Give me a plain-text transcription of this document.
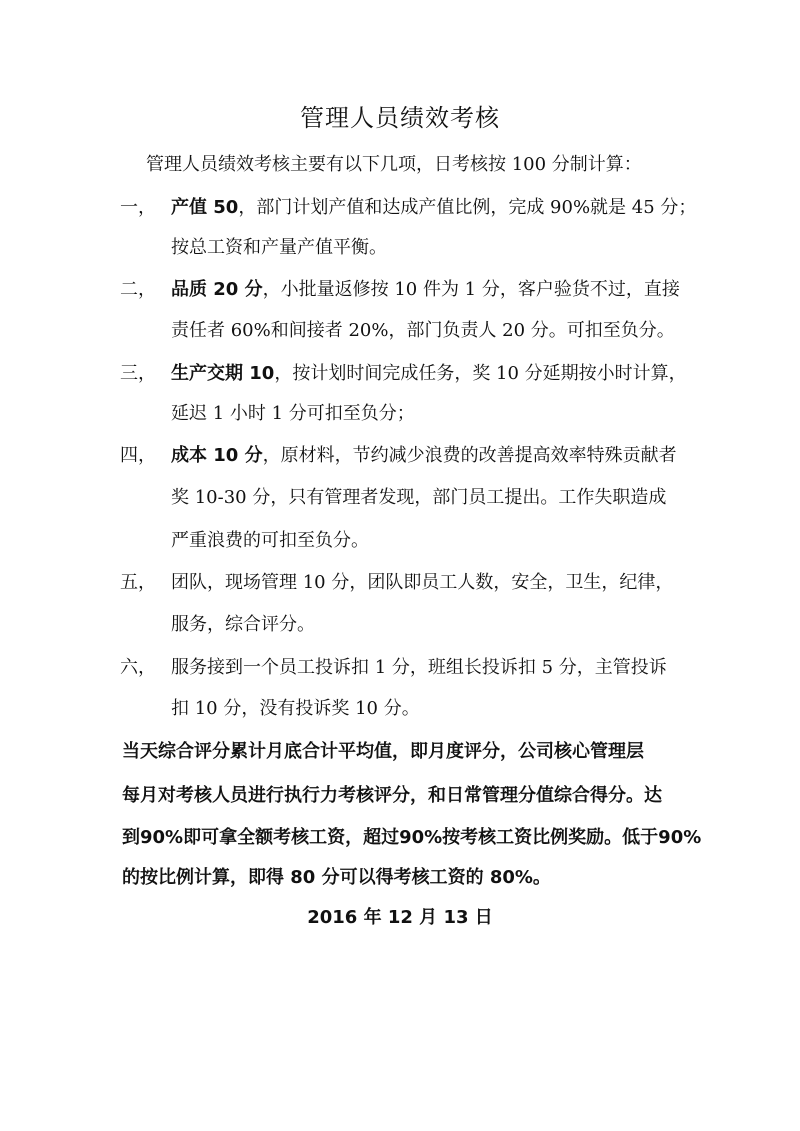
管理人员绩效考核
管理人员绩效考核主要有以下几项，日考核按 100 分制计算：
一， 产值 50，部门计划产值和达成产值比例，完成 90%就是 45 分；
按总工资和产量产值平衡。
二， 品质 20 分，小批量返修按 10 件为 1 分，客户验货不过，直接
责任者 60%和间接者 20%，部门负责人 20 分。可扣至负分。
三， 生产交期 10，按计划时间完成任务，奖 10 分延期按小时计算，
延迟 1 小时 1 分可扣至负分；
四， 成本 10 分，原材料，节约减少浪费的改善提高效率特殊贡献者
奖 10-30 分，只有管理者发现，部门员工提出。工作失职造成
严重浪费的可扣至负分。
五， 团队，现场管理 10 分，团队即员工人数，安全，卫生，纪律，
服务，综合评分。
六， 服务接到一个员工投诉扣 1 分，班组长投诉扣 5 分，主管投诉
扣 10 分，没有投诉奖 10 分。
当天综合评分累计月底合计平均值，即月度评分，公司核心管理层
每月对考核人员进行执行力考核评分，和日常管理分值综合得分。达
到90%即可拿全额考核工资，超过90%按考核工资比例奖励。低于90%
的按比例计算，即得 80 分可以得考核工资的 80%。
2016 年 12 月 13 日
